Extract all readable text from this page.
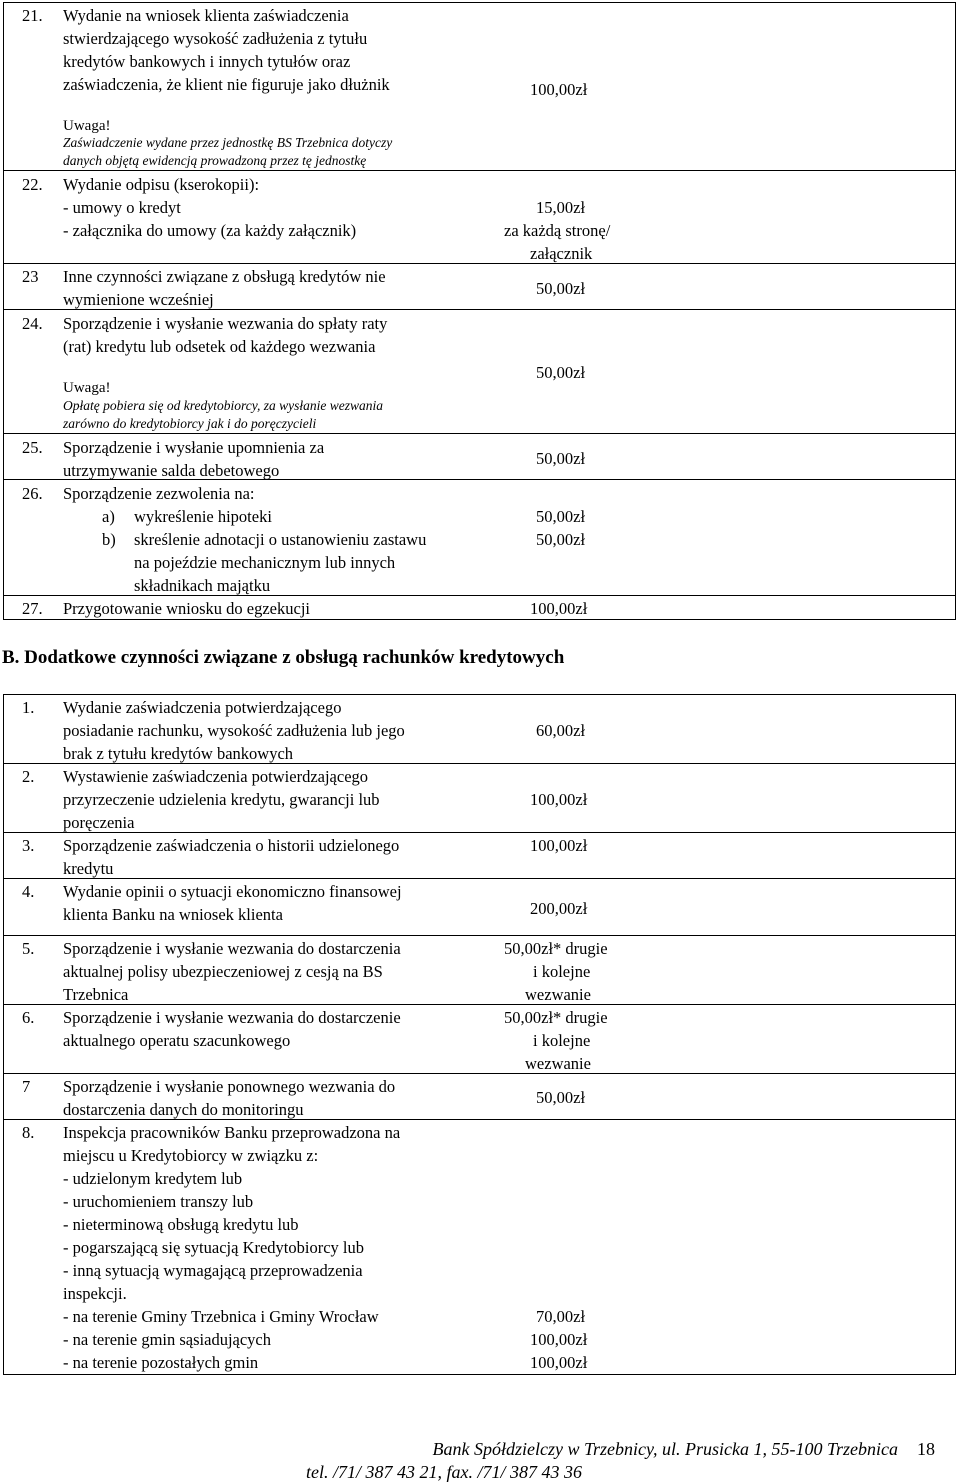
21. Wydanie na wniosek klienta zaświadczenia
stwierdzającego wysokość zadłużenia z tytułu
kredytów bankowych i innych tytułów oraz
zaświadczenia, że klient nie figuruje jako dłużnik
Uwaga!
Zaświadczenie wydane przez jednostkę BS Trzebnica dotyczy
danych objętą ewidencją prowadzoną przez tę jednostkę
100,00zł
22. Wydanie odpisu (kserokopii):
- umowy o kredyt
- załącznika do umowy (za każdy załącznik)
15,00zł
za każdą stronę/
załącznik
23 Inne czynności związane z obsługą kredytów nie
wymienione wcześniej
50,00zł
24. Sporządzenie i wysłanie wezwania do spłaty raty
(rat) kredytu lub odsetek od każdego wezwania
Uwaga!
Opłatę pobiera się od kredytobiorcy, za wysłanie wezwania
zarówno do kredytobiorcy jak i do poręczycieli
50,00zł
25. Sporządzenie i wysłanie upomnienia za
utrzymywanie salda debetowego
50,00zł
26. Sporządzenie zezwolenia na:
a) wykreślenie hipoteki	50,00zł
b) skreślenie adnotacji o ustanowieniu zastawu
na pojeździe mechanicznym lub innych
składnikach majątku
50,00zł
27. Przygotowanie wniosku do egzekucji	100,00zł
B. Dodatkowe czynności związane z obsługą rachunków kredytowych
1. Wydanie zaświadczenia potwierdzającego
posiadanie rachunku, wysokość zadłużenia lub jego
brak z tytułu kredytów bankowych
60,00zł
2. Wystawienie zaświadczenia potwierdzającego
przyrzeczenie udzielenia kredytu, gwarancji lub
poręczenia
100,00zł
3. Sporządzenie zaświadczenia o historii udzielonego
kredytu
100,00zł
4. Wydanie opinii o sytuacji ekonomiczno finansowej
klienta Banku na wniosek klienta	200,00zł
5. Sporządzenie i wysłanie wezwania do dostarczenia
aktualnej polisy ubezpieczeniowej z cesją na BS
Trzebnica
50,00zł* drugie
i kolejne
wezwanie
6. Sporządzenie i wysłanie wezwania do dostarczenie
aktualnego operatu szacunkowego
50,00zł* drugie
i kolejne
wezwanie
7 Sporządzenie i wysłanie ponownego wezwania do
dostarczenia danych do monitoringu
50,00zł
8. Inspekcja pracowników Banku przeprowadzona na
miejscu u Kredytobiorcy w związku z:
- udzielonym kredytem lub
- uruchomieniem transzy lub
- nieterminową obsługą kredytu lub
- pogarszającą się sytuacją Kredytobiorcy lub
- inną sytuacją wymagającą przeprowadzenia
inspekcji.
- na terenie Gminy Trzebnica i Gminy Wrocław	70,00zł
- na terenie gmin sąsiadujących	100,00zł
- na terenie pozostałych gmin	100,00zł
Bank Spółdzielczy w Trzebnicy, ul. Prusicka 1, 55-100 Trzebnica
tel. /71/ 387 43 21, fax. /71/ 387 43 36
18
